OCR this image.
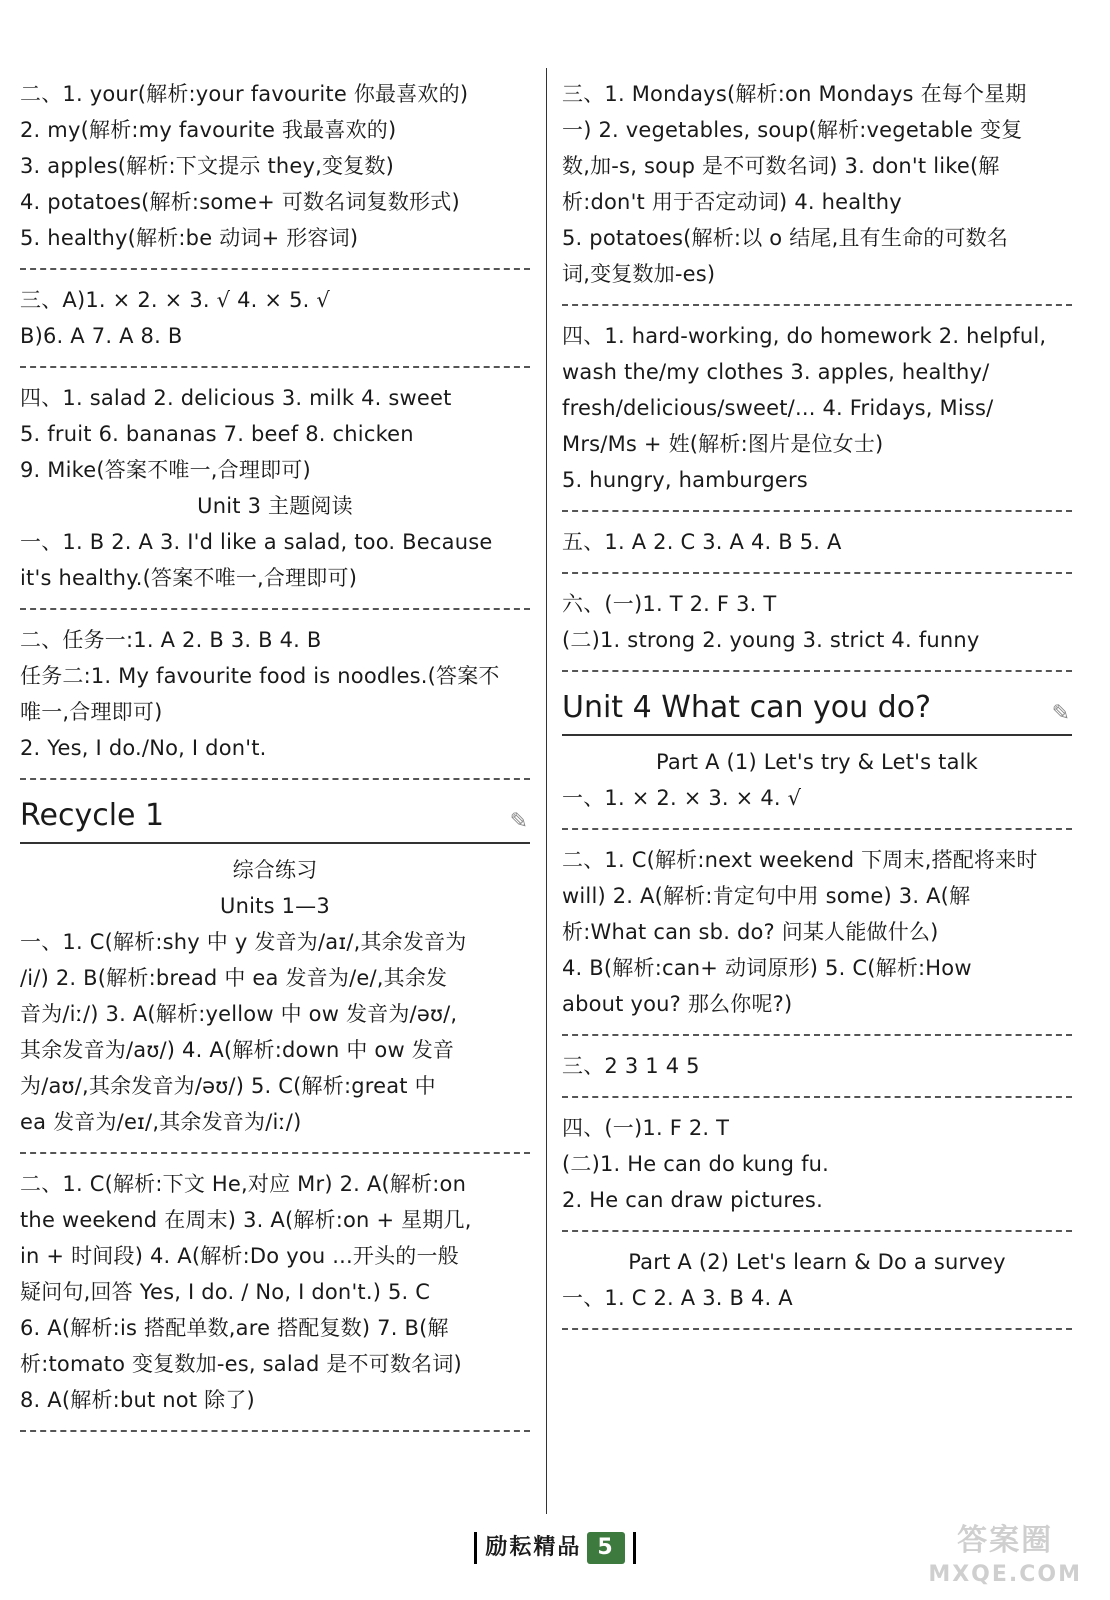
二、1. your(解析:your favourite 你最喜欢的)
2. my(解析:my favourite 我最喜欢的)
3. apples(解析:下文提示 they,变复数)
4. potatoes(解析:some+ 可数名词复数形式)
5. healthy(解析:be 动词+ 形容词)
三、A)1. × 2. × 3. √ 4. × 5. √
B)6. A 7. A 8. B
四、1. salad 2. delicious 3. milk 4. sweet
5. fruit 6. bananas 7. beef 8. chicken
9. Mike(答案不唯一,合理即可)
Unit 3 主题阅读
一、1. B 2. A 3. I'd like a salad, too. Because
it's healthy.(答案不唯一,合理即可)
二、任务一:1. A 2. B 3. B 4. B
任务二:1. My favourite food is noodles.(答案不
唯一,合理即可)
2. Yes, I do./No, I don't.
Recycle 1	✎
综合练习
Units 1—3
一、1. C(解析:shy 中 y 发音为/aɪ/,其余发音为
/i/) 2. B(解析:bread 中 ea 发音为/e/,其余发
音为/iː/) 3. A(解析:yellow 中 ow 发音为/əʊ/,
其余发音为/aʊ/) 4. A(解析:down 中 ow 发音
为/aʊ/,其余发音为/əʊ/) 5. C(解析:great 中
ea 发音为/eɪ/,其余发音为/iː/)
二、1. C(解析:下文 He,对应 Mr) 2. A(解析:on
the weekend 在周末) 3. A(解析:on + 星期几,
in + 时间段) 4. A(解析:Do you ...开头的一般
疑问句,回答 Yes, I do. / No, I don't.) 5. C
6. A(解析:is 搭配单数,are 搭配复数) 7. B(解
析:tomato 变复数加-es, salad 是不可数名词)
8. A(解析:but not 除了)
三、1. Mondays(解析:on Mondays 在每个星期
一) 2. vegetables, soup(解析:vegetable 变复
数,加-s, soup 是不可数名词) 3. don't like(解
析:don't 用于否定动词) 4. healthy
5. potatoes(解析:以 o 结尾,且有生命的可数名
词,变复数加-es)
四、1. hard-working, do homework 2. helpful,
wash the/my clothes 3. apples, healthy/
fresh/delicious/sweet/... 4. Fridays, Miss/
Mrs/Ms + 姓(解析:图片是位女士)
5. hungry, hamburgers
五、1. A 2. C 3. A 4. B 5. A
六、(一)1. T 2. F 3. T
(二)1. strong 2. young 3. strict 4. funny
Unit 4 What can you do?	✎
Part A (1) Let's try & Let's talk
一、1. × 2. × 3. × 4. √
二、1. C(解析:next weekend 下周末,搭配将来时
will) 2. A(解析:肯定句中用 some) 3. A(解
析:What can sb. do? 问某人能做什么)
4. B(解析:can+ 动词原形) 5. C(解析:How
about you? 那么你呢?)
三、2 3 1 4 5
四、(一)1. F 2. T
(二)1. He can do kung fu.
2. He can draw pictures.
Part A (2) Let's learn & Do a survey
一、1. C 2. A 3. B 4. A
励耘精品 5	答案圈
MXQE.COM
